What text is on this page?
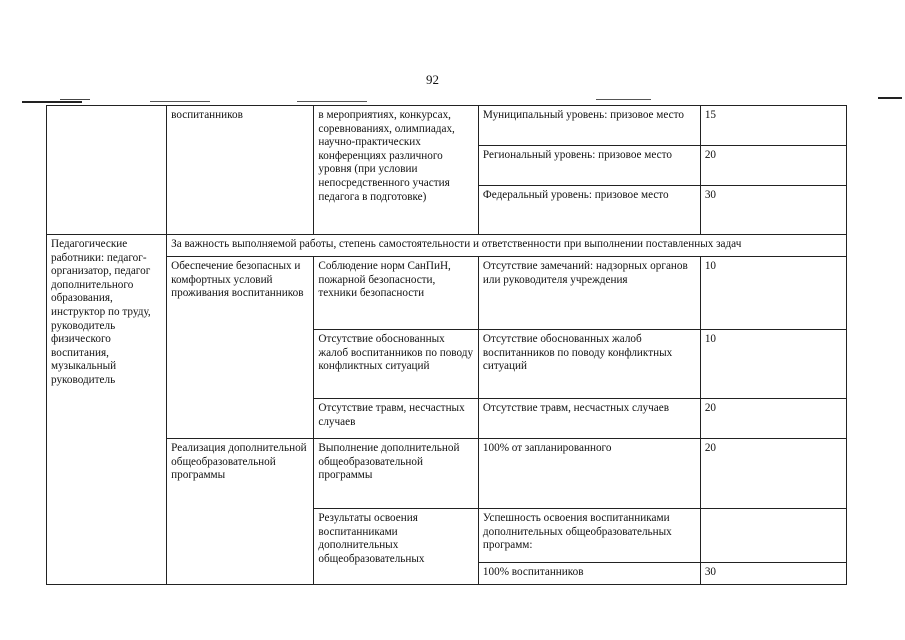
92
	воспитанников	в мероприятиях, конкурсах, соревнованиях, олимпиадах, научно-практических конференциях различного уровня (при условии непосредственного участия педагога в подготовке)	Муниципальный уровень: призовое место	15
			Региональный уровень: призовое место	20
			Федеральный уровень: призовое место	30
Педагогические работники: педагог-организатор, педагог дополнительного образования, инструктор по труду, руководитель физического воспитания, музыкальный руководитель	За важность выполняемой работы, степень самостоятельности и ответственности при выполнении поставленных задач			
	Обеспечение безопасных и комфортных условий проживания воспитанников	Соблюдение норм СанПиН, пожарной безопасности, техники безопасности	Отсутствие замечаний: надзорных органов или руководителя учреждения	10
		Отсутствие обоснованных жалоб воспитанников по поводу конфликтных ситуаций	Отсутствие обоснованных жалоб воспитанников по поводу конфликтных ситуаций	10
		Отсутствие травм, несчастных случаев	Отсутствие травм, несчастных случаев	20
	Реализация дополнительной общеобразовательной программы	Выполнение дополнительной общеобразовательной программы	100% от запланированного	20
		Результаты освоения воспитанниками дополнительных общеобразовательных	Успешность освоения воспитанниками дополнительных общеобразовательных программ:	
			100% воспитанников	30
